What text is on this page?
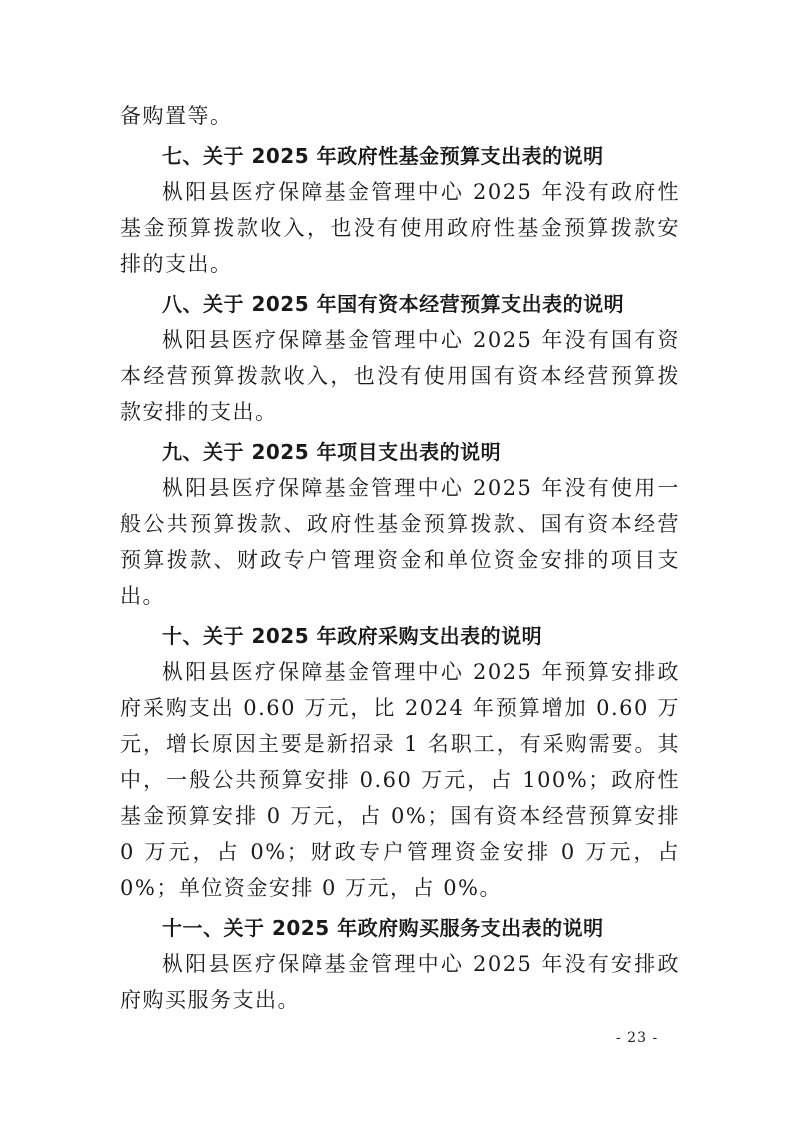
备购置等。

七、关于 2025 年政府性基金预算支出表的说明

枞阳县医疗保障基金管理中心 2025 年没有政府性基金预算拨款收入，也没有使用政府性基金预算拨款安排的支出。

八、关于 2025 年国有资本经营预算支出表的说明

枞阳县医疗保障基金管理中心 2025 年没有国有资本经营预算拨款收入，也没有使用国有资本经营预算拨款安排的支出。

九、关于 2025 年项目支出表的说明

枞阳县医疗保障基金管理中心 2025 年没有使用一般公共预算拨款、政府性基金预算拨款、国有资本经营预算拨款、财政专户管理资金和单位资金安排的项目支出。

十、关于 2025 年政府采购支出表的说明

枞阳县医疗保障基金管理中心 2025 年预算安排政府采购支出 0.60 万元，比 2024 年预算增加 0.60 万元，增长原因主要是新招录 1 名职工，有采购需要。其中，一般公共预算安排 0.60 万元，占 100%；政府性基金预算安排 0 万元，占 0%；国有资本经营预算安排 0 万元，占 0%；财政专户管理资金安排 0 万元，占 0%；单位资金安排 0 万元，占 0%。

十一、关于 2025 年政府购买服务支出表的说明

枞阳县医疗保障基金管理中心 2025 年没有安排政府购买服务支出。

- 23 -
